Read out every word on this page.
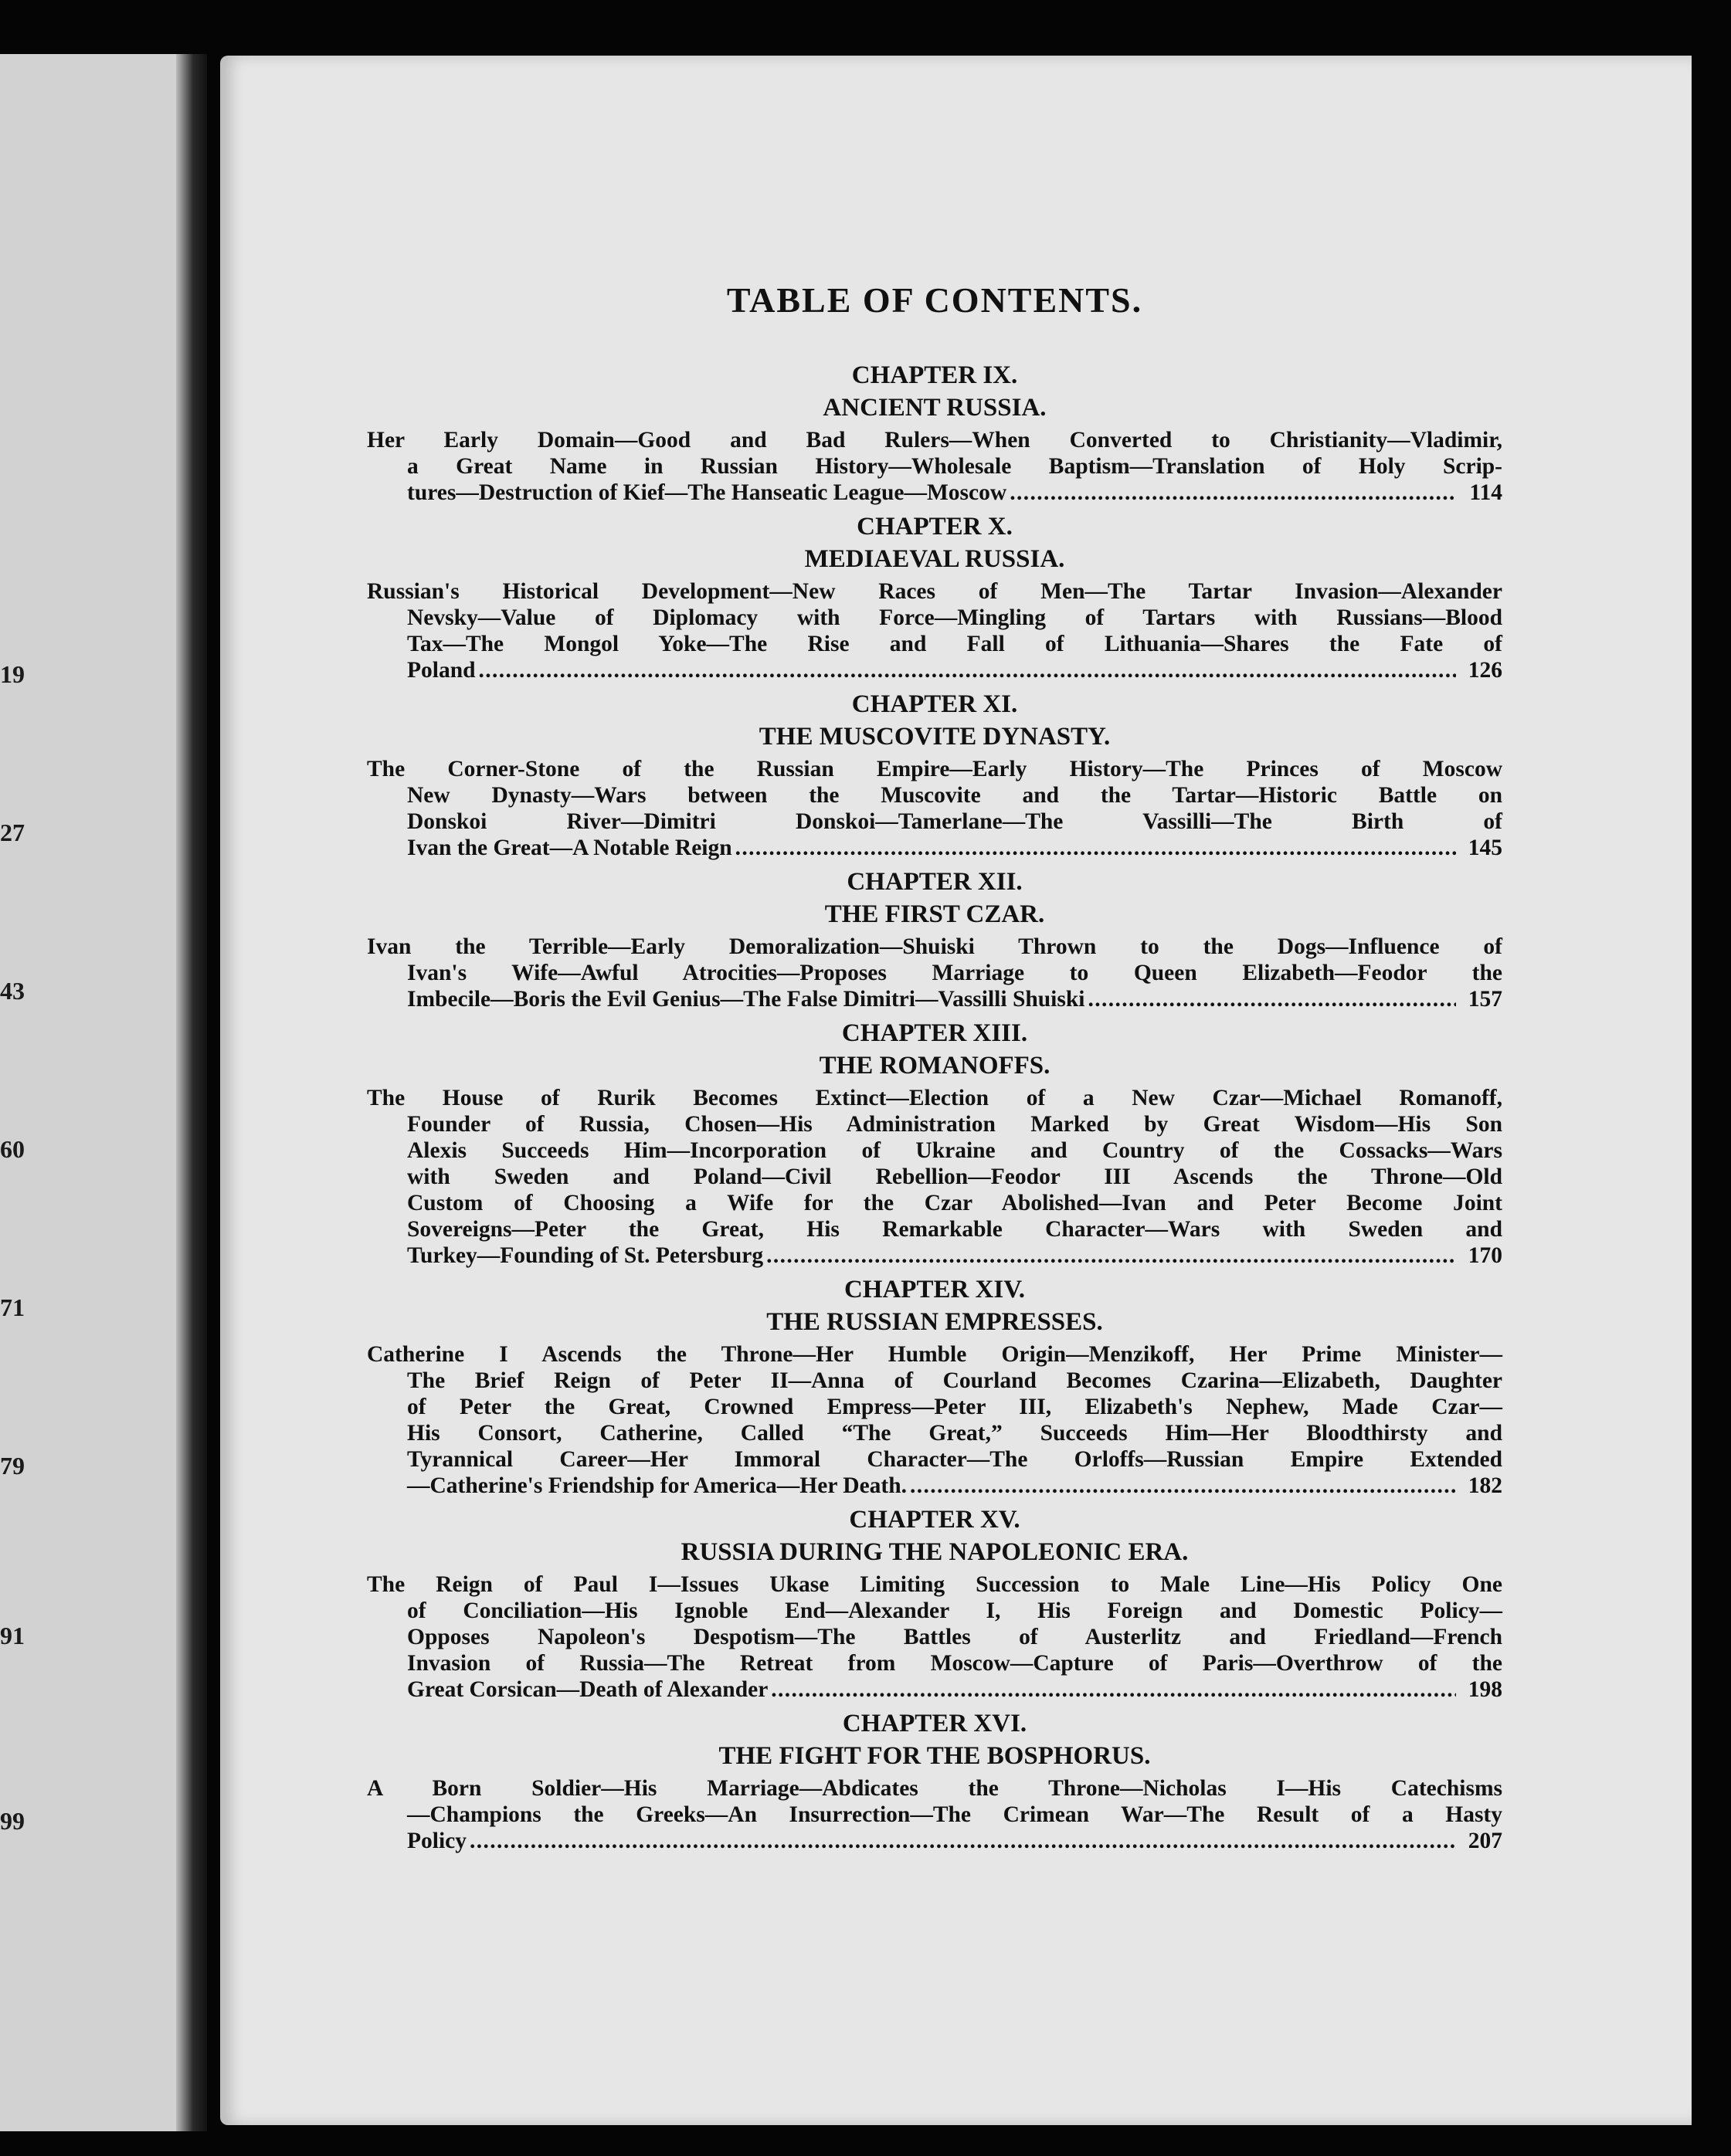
19
27
43
60
71
79
91
99
TABLE OF CONTENTS.
CHAPTER IX.
ANCIENT RUSSIA.
Her Early Domain—Good and Bad Rulers—When Converted to Christianity—Vladimir,
a Great Name in Russian History—Wholesale Baptism—Translation of Holy Scrip-
tures—Destruction of Kief—The Hanseatic League—Moscow . . .	114
CHAPTER X.
MEDIAEVAL RUSSIA.
Russian's Historical Development—New Races of Men—The Tartar Invasion—Alexander
Nevsky—Value of Diplomacy with Force—Mingling of Tartars with Russians—Blood
Tax—The Mongol Yoke—The Rise and Fall of Lithuania—Shares the Fate of
Poland . . .	126
CHAPTER XI.
THE MUSCOVITE DYNASTY.
The Corner-Stone of the Russian Empire—Early History—The Princes of Moscow
New Dynasty—Wars between the Muscovite and the Tartar—Historic Battle on
Donskoi River—Dimitri Donskoi—Tamerlane—The Vassilli—The Birth of
Ivan the Great—A Notable Reign . . .	145
CHAPTER XII.
THE FIRST CZAR.
Ivan the Terrible—Early Demoralization—Shuiski Thrown to the Dogs—Influence of
Ivan's Wife—Awful Atrocities—Proposes Marriage to Queen Elizabeth—Feodor the
Imbecile—Boris the Evil Genius—The False Dimitri—Vassilli Shuiski . . .	157
CHAPTER XIII.
THE ROMANOFFS.
The House of Rurik Becomes Extinct—Election of a New Czar—Michael Romanoff,
Founder of Russia, Chosen—His Administration Marked by Great Wisdom—His Son
Alexis Succeeds Him—Incorporation of Ukraine and Country of the Cossacks—Wars
with Sweden and Poland—Civil Rebellion—Feodor III Ascends the Throne—Old
Custom of Choosing a Wife for the Czar Abolished—Ivan and Peter Become Joint
Sovereigns—Peter the Great, His Remarkable Character—Wars with Sweden and
Turkey—Founding of St. Petersburg . . .	170
CHAPTER XIV.
THE RUSSIAN EMPRESSES.
Catherine I Ascends the Throne—Her Humble Origin—Menzikoff, Her Prime Minister—
The Brief Reign of Peter II—Anna of Courland Becomes Czarina—Elizabeth, Daughter
of Peter the Great, Crowned Empress—Peter III, Elizabeth's Nephew, Made Czar—
His Consort, Catherine, Called “The Great,” Succeeds Him—Her Bloodthirsty and
Tyrannical Career—Her Immoral Character—The Orloffs—Russian Empire Extended
—Catherine's Friendship for America—Her Death. . . .	182
CHAPTER XV.
RUSSIA DURING THE NAPOLEONIC ERA.
The Reign of Paul I—Issues Ukase Limiting Succession to Male Line—His Policy One
of Conciliation—His Ignoble End—Alexander I, His Foreign and Domestic Policy—
Opposes Napoleon's Despotism—The Battles of Austerlitz and Friedland—French
Invasion of Russia—The Retreat from Moscow—Capture of Paris—Overthrow of the
Great Corsican—Death of Alexander . . .	198
CHAPTER XVI.
THE FIGHT FOR THE BOSPHORUS.
A Born Soldier—His Marriage—Abdicates the Throne—Nicholas I—His Catechisms
—Champions the Greeks—An Insurrection—The Crimean War—The Result of a Hasty
Policy . . .	207
